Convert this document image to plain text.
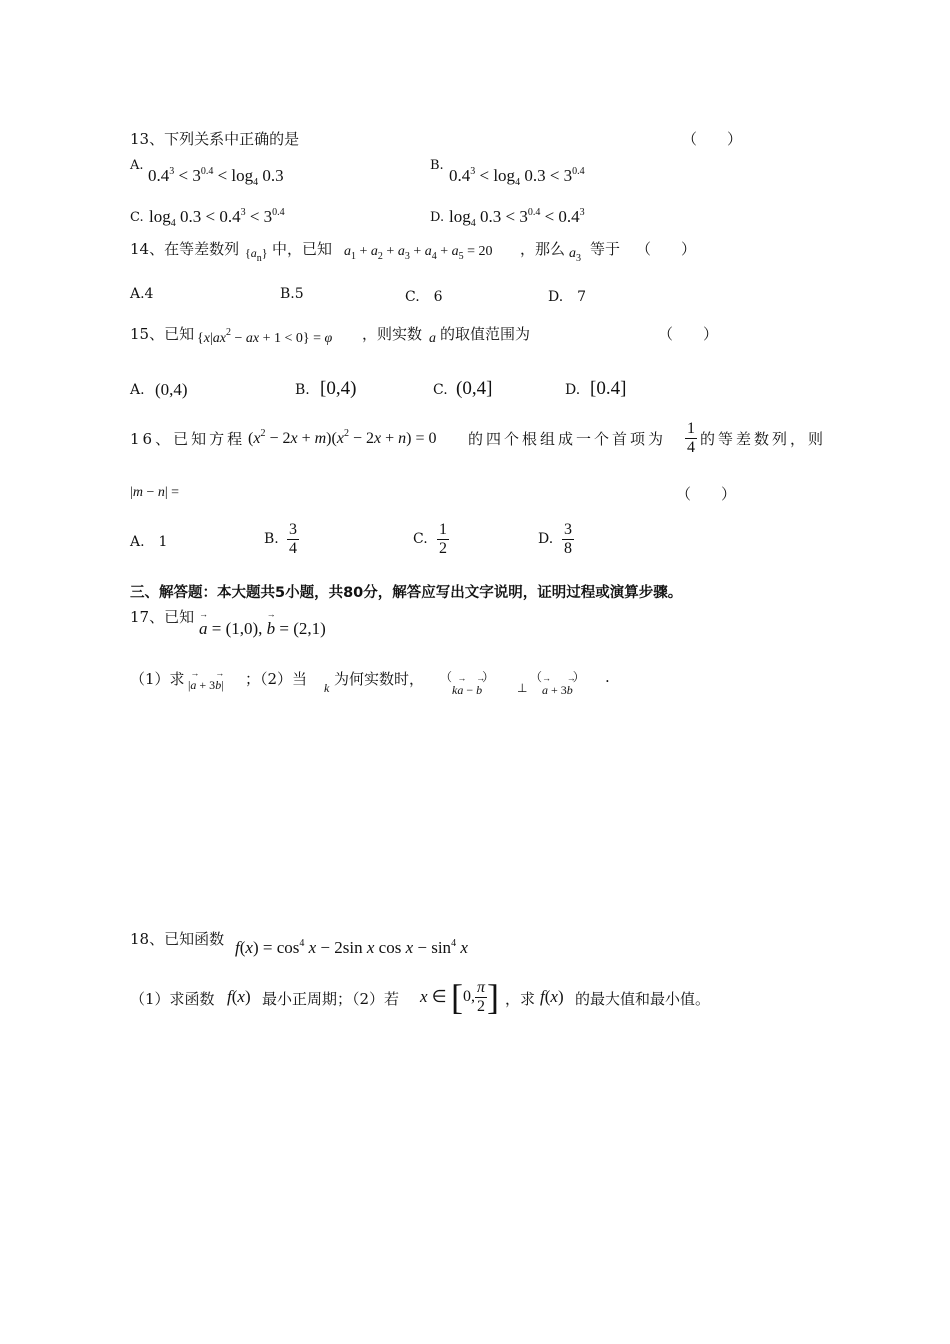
13、下列关系中正确的是	（　　）
A.
$0.4^3 < 3^{0.4} < \log_4 0.3$
B.
$0.4^3 < \log_4 0.3 < 3^{0.4}$
C. $\log_4 0.3 < 0.4^3 < 3^{0.4}$	D. $\log_4 0.3 < 3^{0.4} < 0.4^3$
14、在等差数列 $\{a_n\}$ 中，已知 $a_1 + a_2 + a_3 + a_4 + a_5 = 20$ ，那么 $a_3$
等于 （　　）
A.4	B.5	C.　6	D.　7
15、已知 {$x|ax^2$ − ax + 1 < 0} = φ ，则实数 a 的取值范围为	（　　）
A. (0,4)	B. [0,4)	C. (0,4]	D. [0.4]
16、已知方程 $(x^2 - 2x + m)(x^2 - 2x + n) = 0$ 的四个根组成一个首项为 $\frac{1}{4}$ 的等差数列，则
|m − n| =	（　　）
A.　1	B. $\frac{3}{4}$	C. $\frac{1}{2}$	D. $\frac{3}{8}$
三、解答题：本大题共5小题，共80分，解答应写出文字说明，证明过程或演算步骤。
17、已知
→ a = (1,0), → b = (2,1)
（1）求 |→ a + 3→ b| ；（2）当 k 为何实数时， （k→ a − → b）
⊥
（→ a + 3→ b） .
18、已知函数 $f(x) = \cos^4 x - 2\sin$ x $\cos x - \sin^4 x$
（1）求函数 f(x) 最小正周期；（2）若 x ∈ [0, $\frac{\pi}{2}$ ] ，求 f(x) 的最大值和最小值。
